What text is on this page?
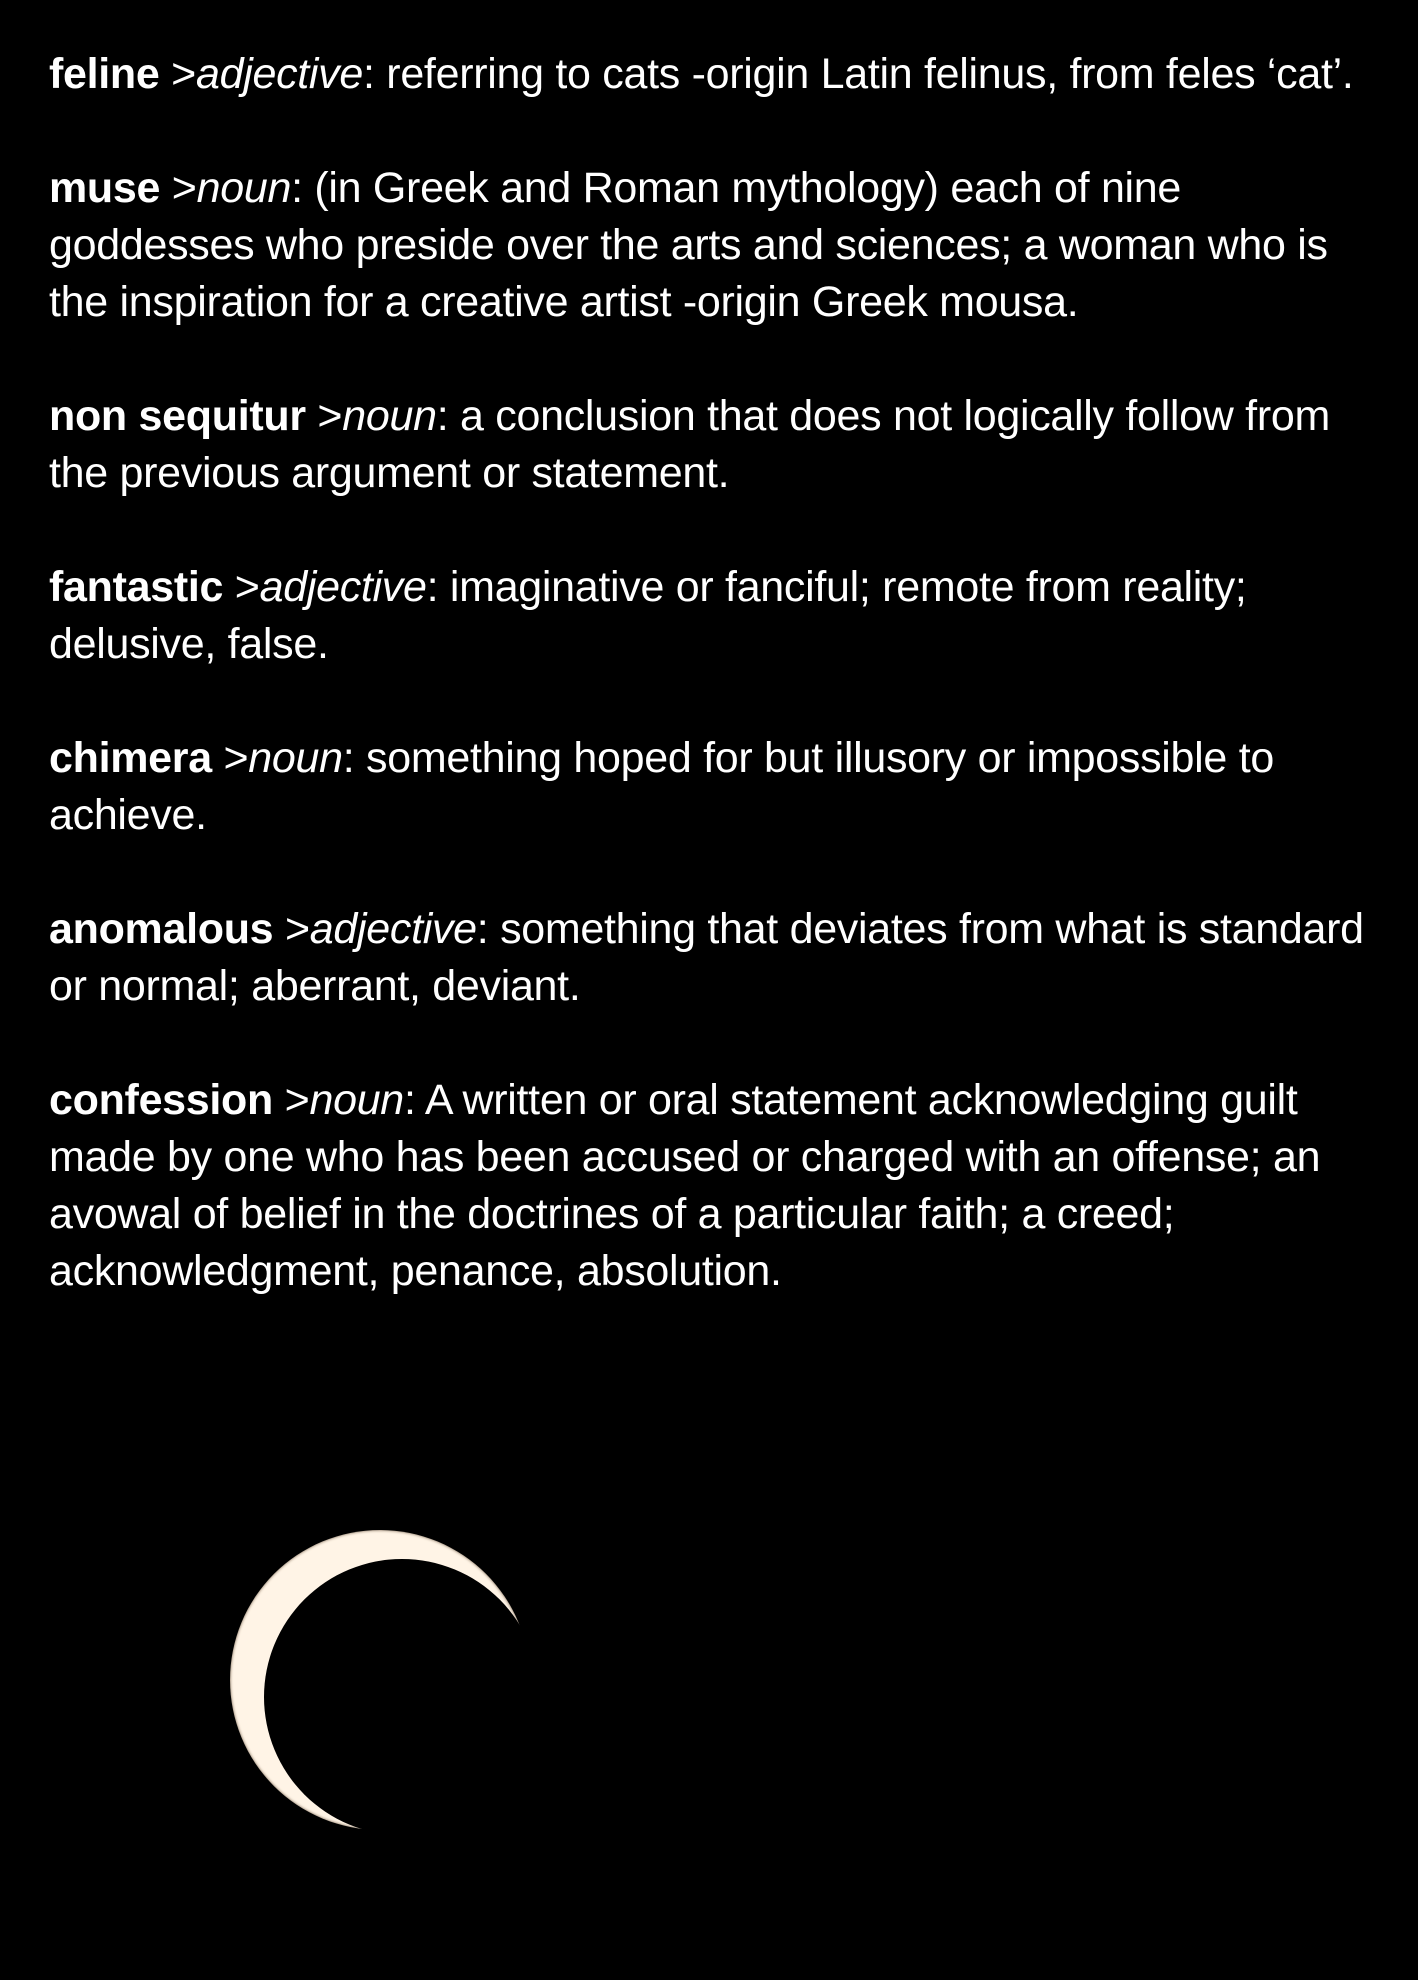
feline >adjective: referring to cats -origin Latin felinus, from feles ‘cat’.

muse >noun: (in Greek and Roman mythology) each of nine goddesses who preside over the arts and sciences; a woman who is the inspiration for a creative artist -origin Greek mousa.

non sequitur >noun: a conclusion that does not logically follow from the previous argument or statement.

fantastic >adjective: imaginative or fanciful; remote from reality; delusive, false.

chimera >noun: something hoped for but illusory or impossible to achieve.

anomalous >adjective: something that deviates from what is standard or normal; aberrant, deviant.

confession >noun: A written or oral statement acknowledging guilt made by one who has been accused or charged with an offense; an avowal of belief in the doctrines of a particular faith; a creed; acknowledgment, penance, absolution.
